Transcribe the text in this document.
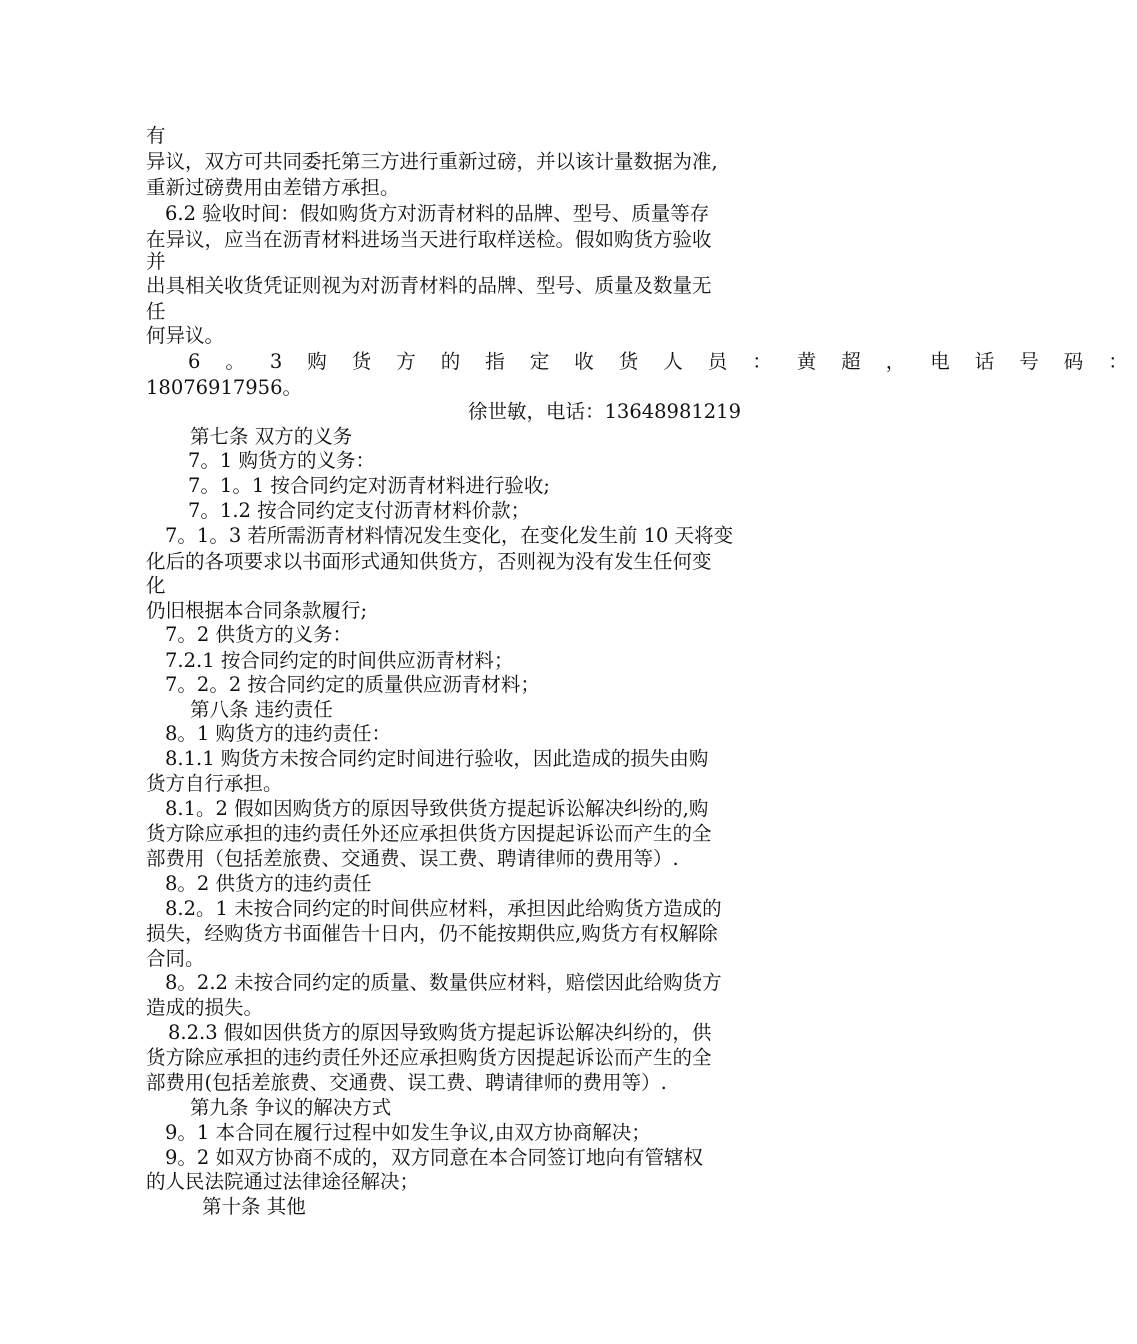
有
异议，双方可共同委托第三方进行重新过磅，并以该计量数据为准,
重新过磅费用由差错方承担。
6.2 验收时间：假如购货方对沥青材料的品牌、型号、质量等存
在异议，应当在沥青材料进场当天进行取样送检。假如购货方验收
并
出具相关收货凭证则视为对沥青材料的品牌、型号、质量及数量无
任
何异议。
6 。 3 购 货 方 的 指 定 收 货 人 员 ： 黄 超 ， 电 话 号 码 ：
18076917956。
徐世敏，电话：13648981219
第七条 双方的义务
7。1 购货方的义务：
7。1。1 按合同约定对沥青材料进行验收;
7。1.2 按合同约定支付沥青材料价款；
7。1。3 若所需沥青材料情况发生变化，在变化发生前 10 天将变
化后的各项要求以书面形式通知供货方，否则视为没有发生任何变
化
仍旧根据本合同条款履行;
7。2 供货方的义务：
7.2.1 按合同约定的时间供应沥青材料；
7。2。2 按合同约定的质量供应沥青材料；
第八条 违约责任
8。1 购货方的违约责任：
8.1.1 购货方未按合同约定时间进行验收，因此造成的损失由购
货方自行承担。
8.1。2 假如因购货方的原因导致供货方提起诉讼解决纠纷的,购
货方除应承担的违约责任外还应承担供货方因提起诉讼而产生的全
部费用（包括差旅费、交通费、误工费、聘请律师的费用等）.
8。2 供货方的违约责任
8.2。1 未按合同约定的时间供应材料，承担因此给购货方造成的
损失，经购货方书面催告十日内，仍不能按期供应,购货方有权解除
合同。
8。2.2 未按合同约定的质量、数量供应材料，赔偿因此给购货方
造成的损失。
8.2.3 假如因供货方的原因导致购货方提起诉讼解决纠纷的，供
货方除应承担的违约责任外还应承担购货方因提起诉讼而产生的全
部费用(包括差旅费、交通费、误工费、聘请律师的费用等）.
第九条 争议的解决方式
9。1 本合同在履行过程中如发生争议,由双方协商解决；
9。2 如双方协商不成的，双方同意在本合同签订地向有管辖权
的人民法院通过法律途径解决；
第十条 其他
